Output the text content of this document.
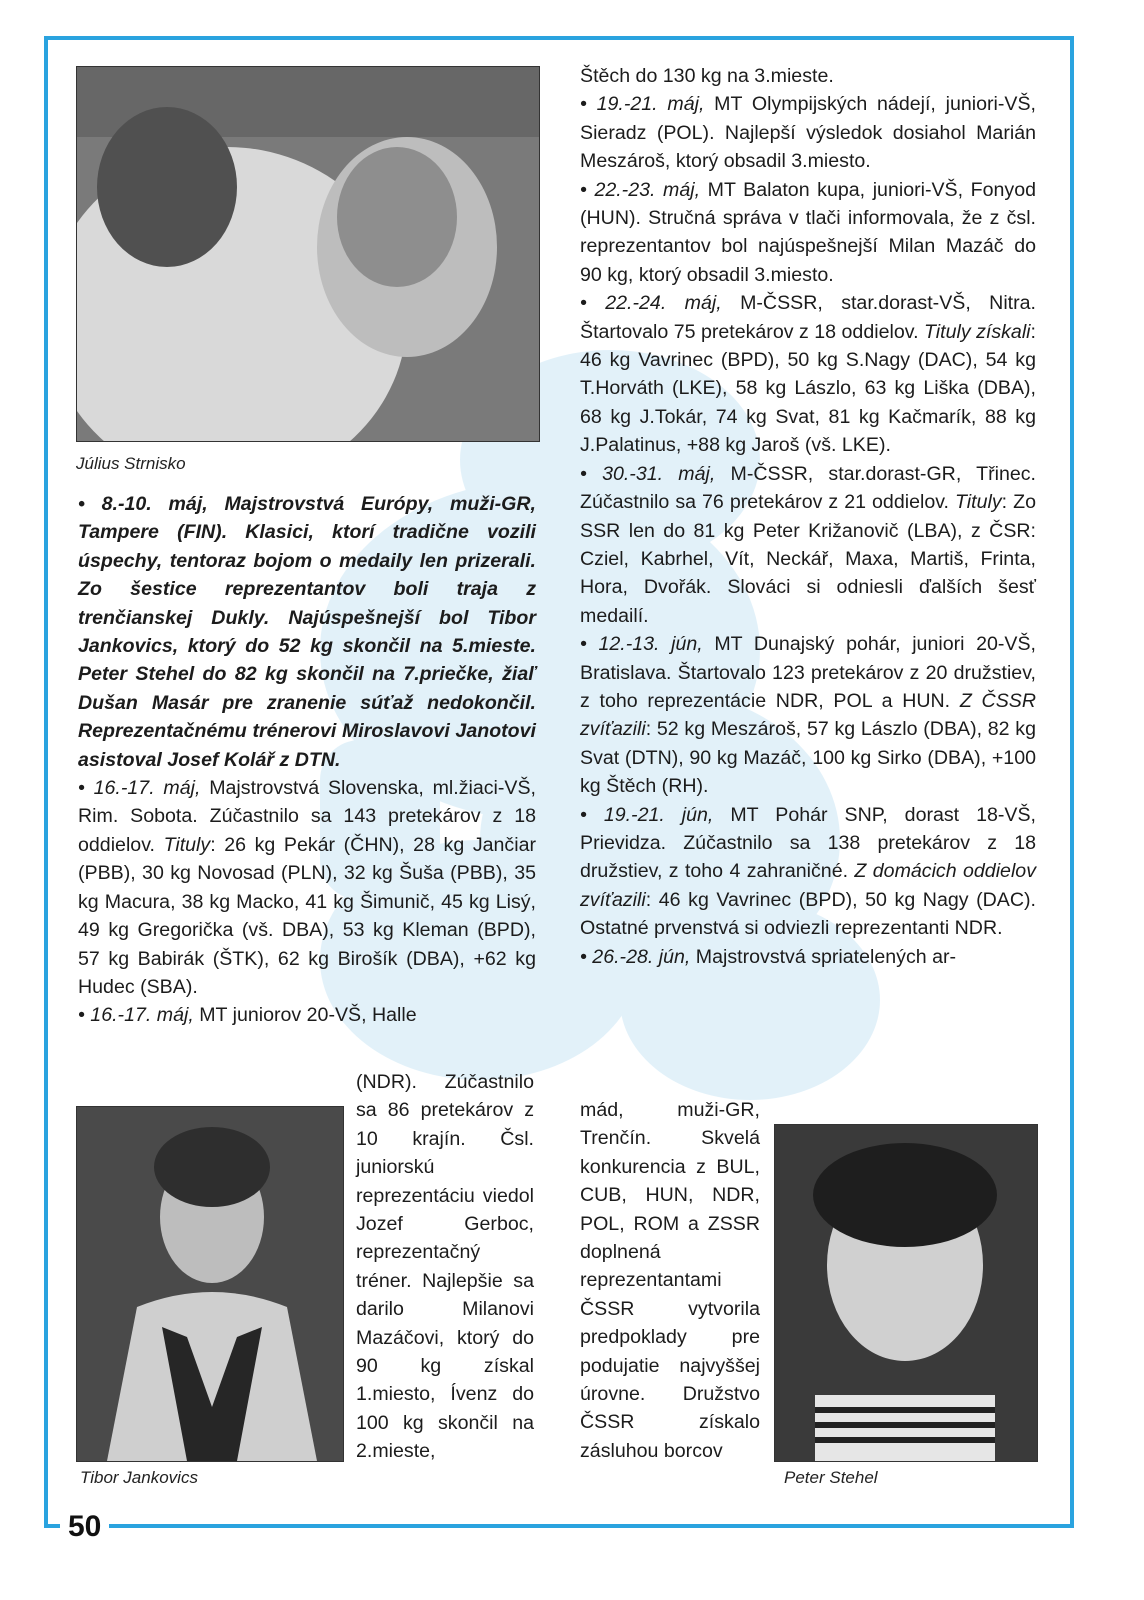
Július Strnisko

• 8.-10. máj, Majstrovstvá Európy, muži-GR, Tampere (FIN). Klasici, ktorí tradične vozili úspechy, tentoraz bojom o medaily len prizerali. Zo šestice reprezentantov boli traja z trenčianskej Dukly. Najúspešnejší bol Tibor Jankovics, ktorý do 52 kg skončil na 5.mieste. Peter Stehel do 82 kg skončil na 7.priečke, žiaľ Dušan Masár pre zranenie súťaž nedokončil. Reprezentačnému trénerovi Miroslavovi Janotovi asistoval Josef Kolář z DTN.

• 16.-17. máj, Majstrovstvá Slovenska, ml.žiaci-VŠ, Rim. Sobota. Zúčastnilo sa 143 pretekárov z 18 oddielov. Tituly: 26 kg Pekár (ČHN), 28 kg Jančiar (PBB), 30 kg Novosad (PLN), 32 kg Šuša (PBB), 35 kg Macura, 38 kg Macko, 41 kg Šimunič, 45 kg Lisý, 49 kg Gregorička (vš. DBA), 53 kg Kleman (BPD), 57 kg Babirák (ŠTK), 62 kg Birošík (DBA), +62 kg Hudec (SBA).

• 16.-17. máj, MT juniorov 20-VŠ, Halle

(NDR). Zúčastnilo sa 86 pretekárov z 10 krajín. Čsl. juniorskú reprezentáciu viedol Jozef Gerboc, reprezentačný tréner. Najlepšie sa darilo Milanovi Mazáčovi, ktorý do 90 kg získal 1.miesto, Ívenz do 100 kg skončil na 2.mieste,
Tibor Jankovics

Štěch do 130 kg na 3.mieste.

• 19.-21. máj, MT Olympijských nádejí, juniori-VŠ, Sieradz (POL). Najlepší výsledok dosiahol Marián Meszároš, ktorý obsadil 3.miesto.

• 22.-23. máj, MT Balaton kupa, juniori-VŠ, Fonyod (HUN). Stručná správa v tlači informovala, že z čsl. reprezentantov bol najúspešnejší Milan Mazáč do 90 kg, ktorý obsadil 3.miesto.

• 22.-24. máj, M-ČSSR, star.dorast-VŠ, Nitra. Štartovalo 75 pretekárov z 18 oddielov. Tituly získali: 46 kg Vavrinec (BPD), 50 kg S.Nagy (DAC), 54 kg T.Horváth (LKE), 58 kg Lászlo, 63 kg Liška (DBA), 68 kg J.Tokár, 74 kg Svat, 81 kg Kačmarík, 88 kg J.Palatinus, +88 kg Jaroš (vš. LKE).

• 30.-31. máj, M-ČSSR, star.dorast-GR, Třinec. Zúčastnilo sa 76 pretekárov z 21 oddielov. Tituly: Zo SSR len do 81 kg Peter Križanovič (LBA), z ČSR: Cziel, Kabrhel, Vít, Neckář, Maxa, Martiš, Frinta, Hora, Dvořák. Slováci si odniesli ďalších šesť medailí.

• 12.-13. jún, MT Dunajský pohár, juniori 20-VŠ, Bratislava. Štartovalo 123 pretekárov z 20 družstiev, z toho reprezentácie NDR, POL a HUN. Z ČSSR zvíťazili: 52 kg Meszároš, 57 kg Lászlo (DBA), 82 kg Svat (DTN), 90 kg Mazáč, 100 kg Sirko (DBA), +100 kg Štěch (RH).

• 19.-21. jún, MT Pohár SNP, dorast 18-VŠ, Prievidza. Zúčastnilo sa 138 pretekárov z 18 družstiev, z toho 4 zahraničné. Z domácich oddielov zvíťazili: 46 kg Vavrinec (BPD), 50 kg Nagy (DAC). Ostatné prvenstvá si odviezli reprezentanti NDR.

• 26.-28. jún, Majstrovstvá spriatelených ar-

mád, muži-GR, Trenčín. Skvelá konkurencia z BUL, CUB, HUN, NDR, POL, ROM a ZSSR doplnená reprezentantami ČSSR vytvorila predpoklady pre podujatie najvyššej úrovne. Družstvo ČSSR získalo zásluhou borcov
Peter Stehel
50
